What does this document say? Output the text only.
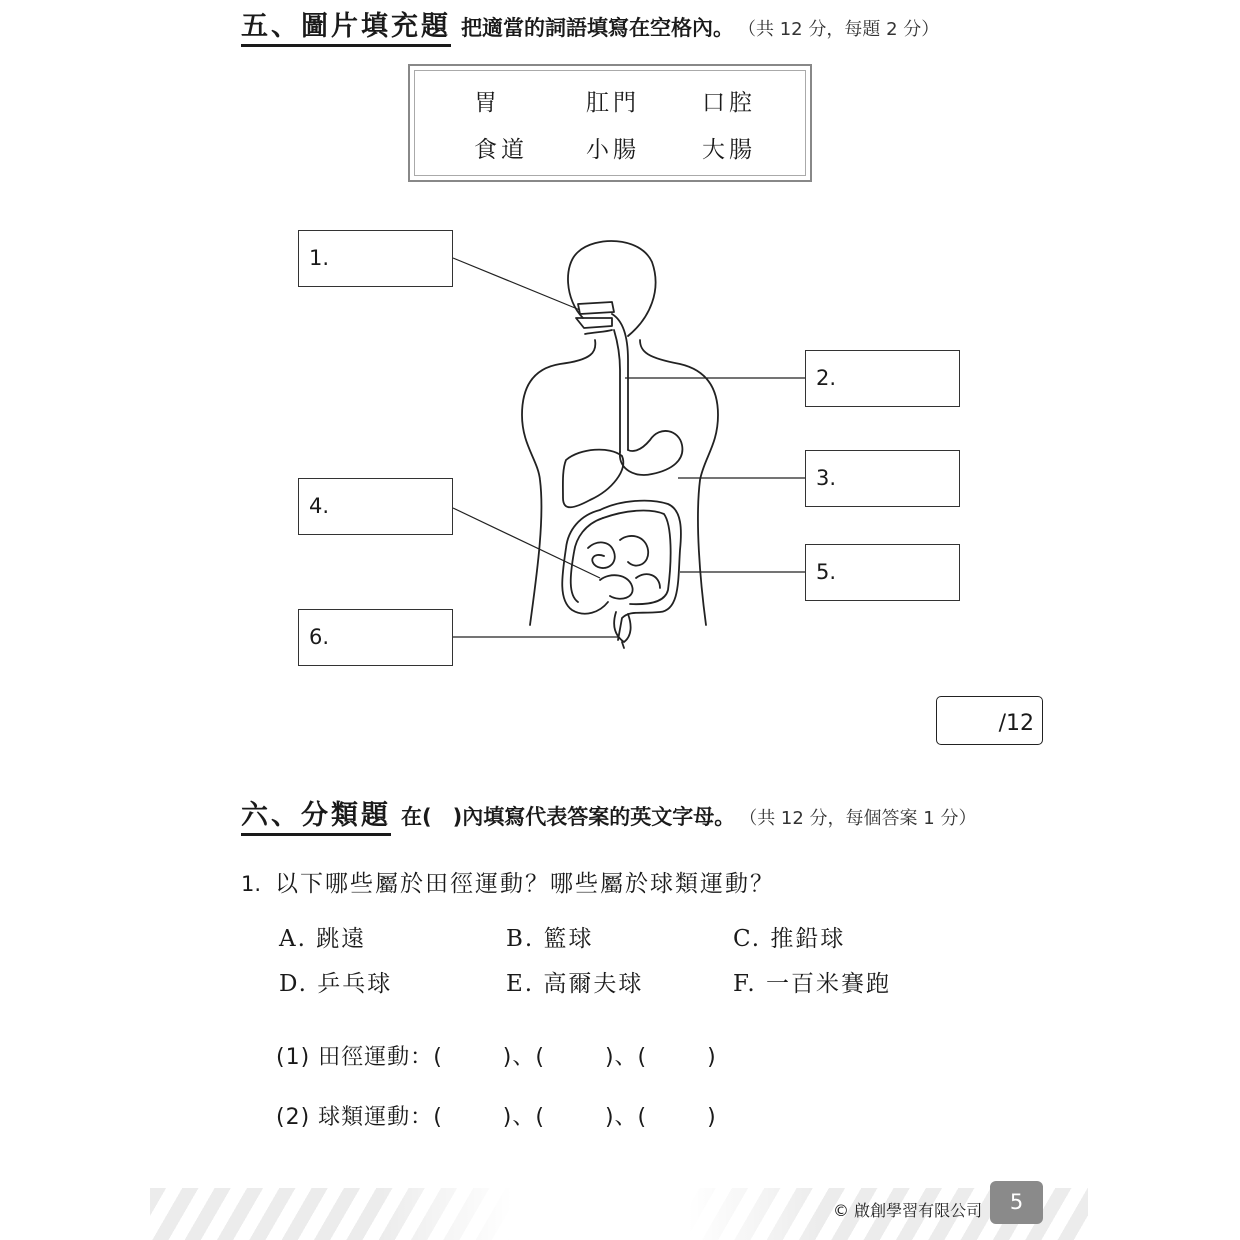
五、圖片填充題 把適當的詞語填寫在空格內。 （共 12 分，每題 2 分）
胃	肛門	口腔
食道	小腸	大腸
1.
2.
3.
4.
5.
6.
/12
六、分類題 在(　)內填寫代表答案的英文字母。 （共 12 分，每個答案 1 分）
1. 以下哪些屬於田徑運動？哪些屬於球類運動？
A. 跳遠	B. 籃球	C. 推鉛球
D. 乒乓球	E. 高爾夫球	F. 一百米賽跑
(1) 田徑運動：(	)、(	)、(	)
(2) 球類運動：(	)、(	)、(	)
© 啟創學習有限公司	5
